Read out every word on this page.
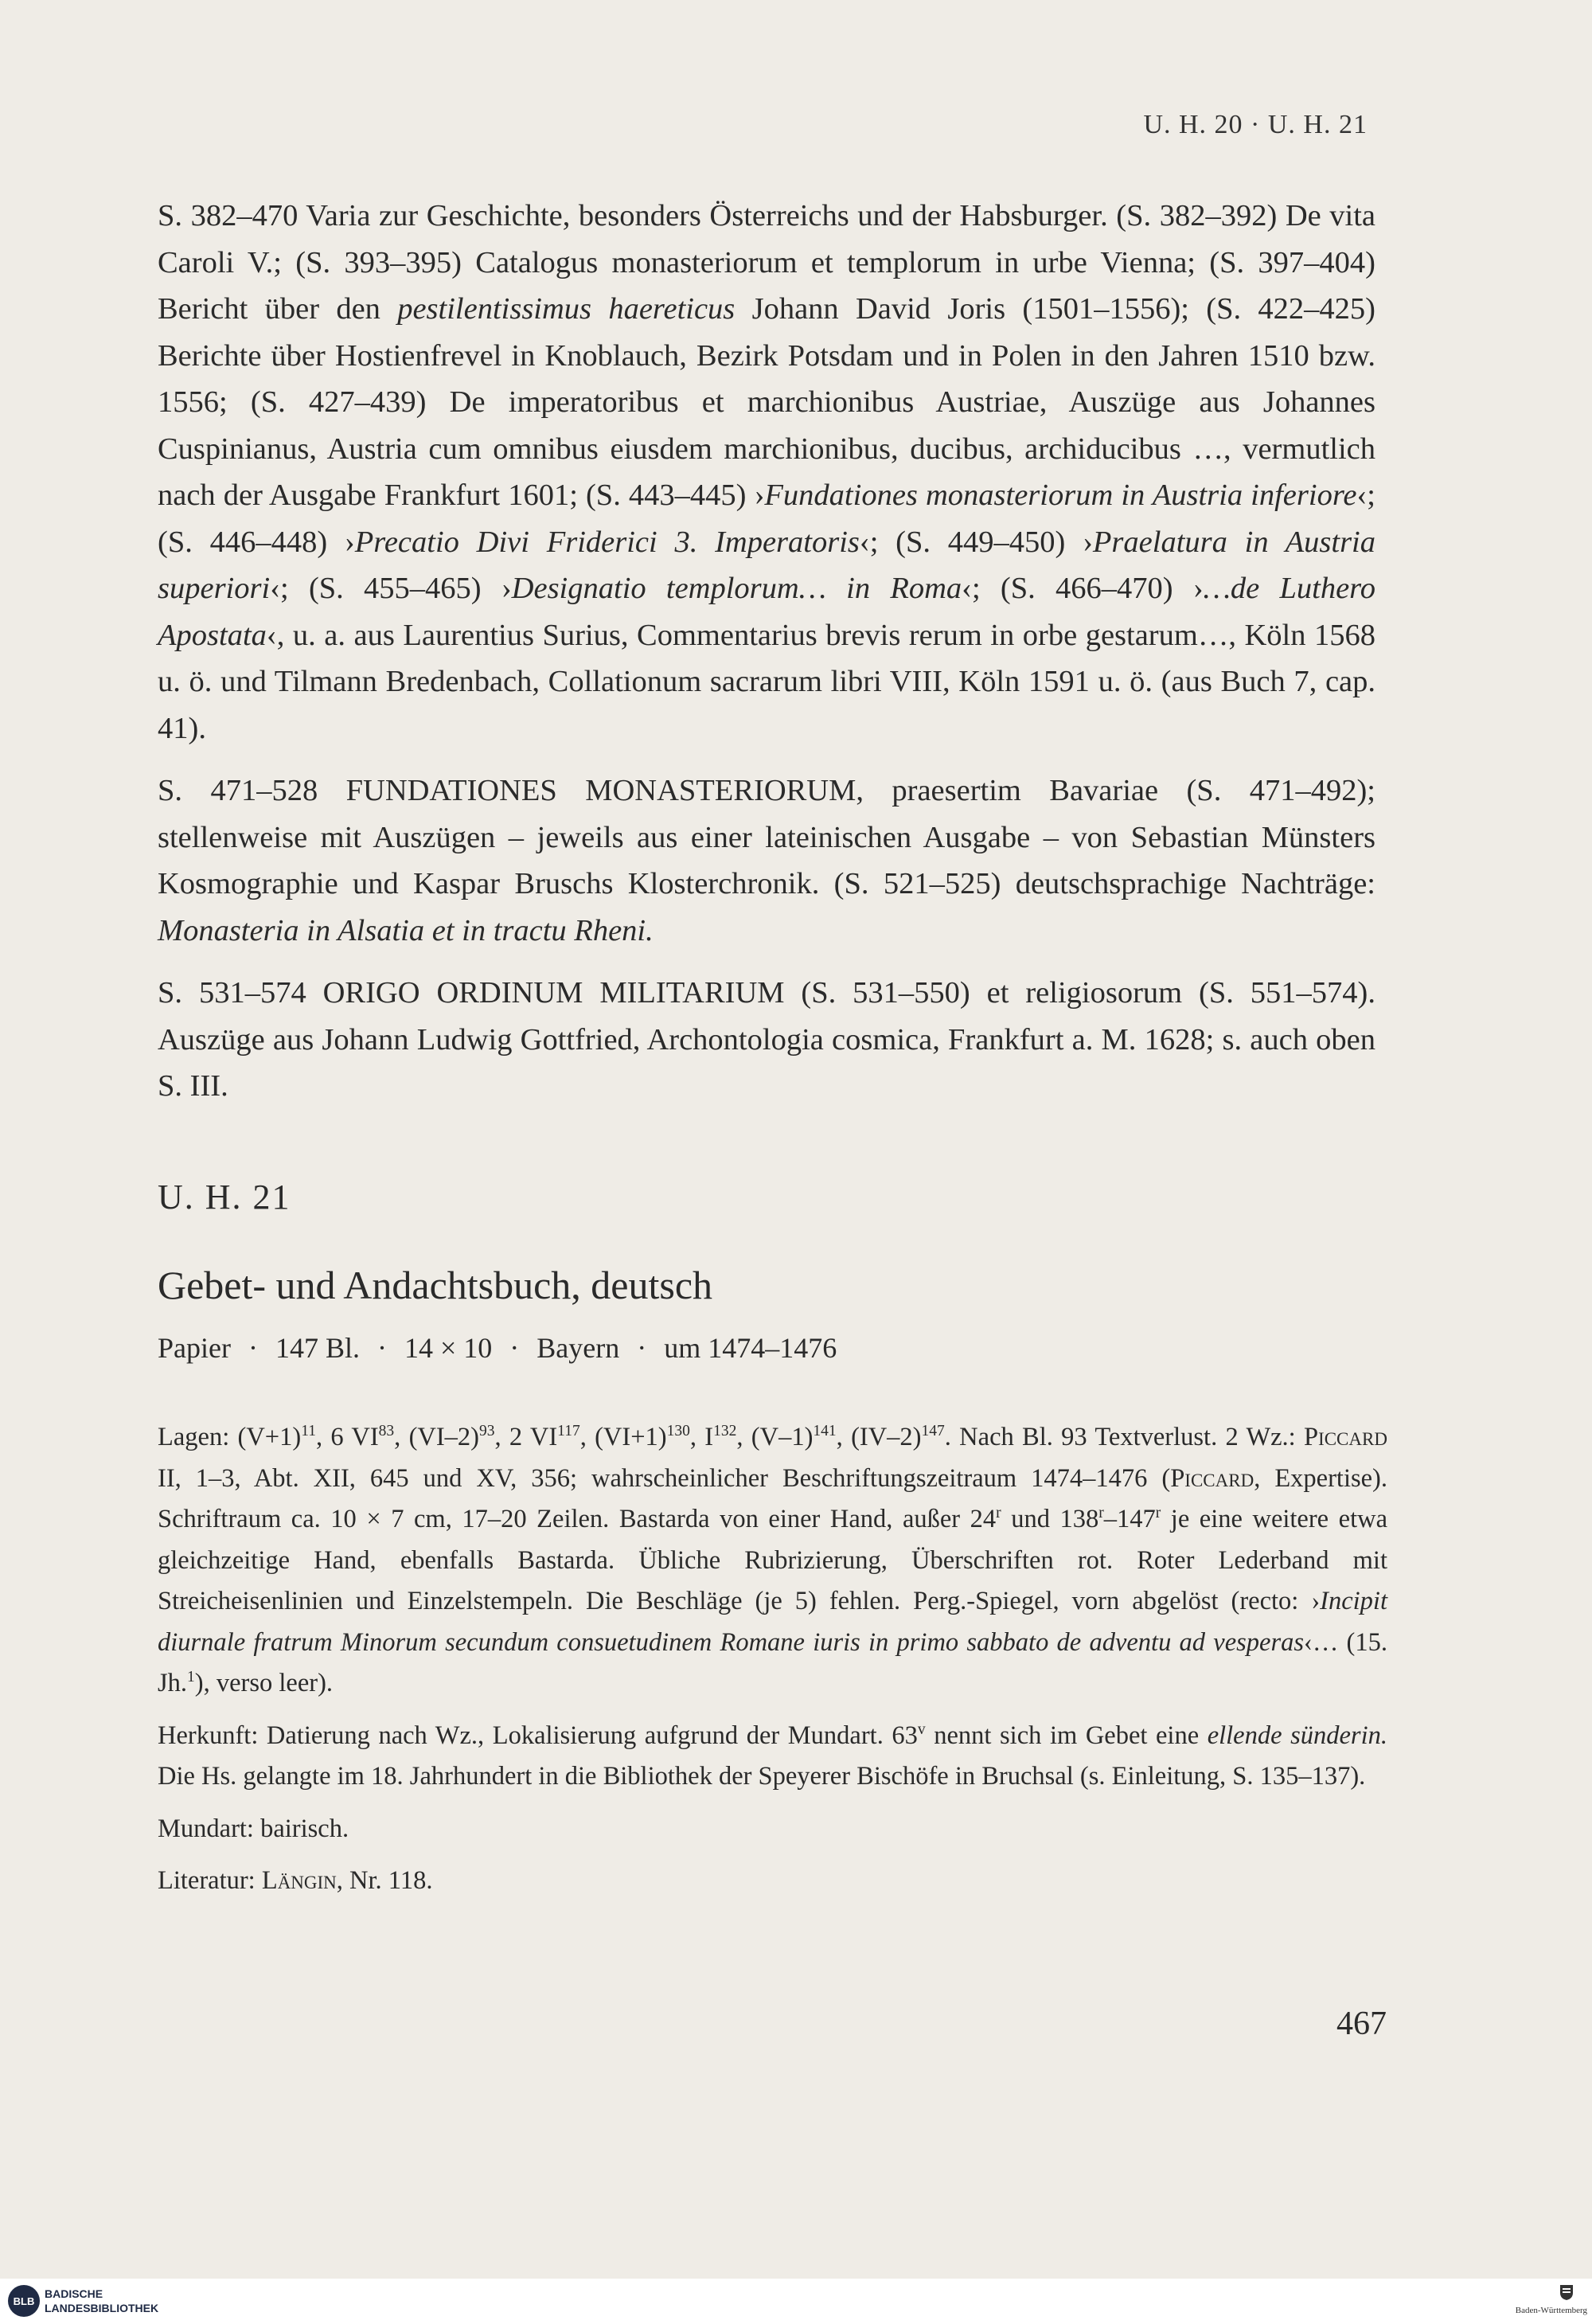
U. H. 20 · U. H. 21

S. 382–470 Varia zur Geschichte, besonders Österreichs und der Habsburger. (S. 382–392) De vita Caroli V.; (S. 393–395) Catalogus monasteriorum et templorum in urbe Vienna; (S. 397–404) Bericht über den pestilentissimus haereticus Johann David Joris (1501–1556); (S. 422–425) Berichte über Hostienfrevel in Knoblauch, Bezirk Potsdam und in Polen in den Jahren 1510 bzw. 1556; (S. 427–439) De imperatoribus et marchionibus Austriae, Auszüge aus Johannes Cuspinianus, Austria cum omnibus eiusdem marchionibus, ducibus, archiducibus …, vermutlich nach der Ausgabe Frankfurt 1601; (S. 443–445) ›Fundationes monasteriorum in Austria inferiore‹; (S. 446–448) ›Precatio Divi Friderici 3. Imperatoris‹; (S. 449–450) ›Praelatura in Austria superiori‹; (S. 455–465) ›Designatio templorum… in Roma‹; (S. 466–470) ›…de Luthero Apostata‹, u. a. aus Laurentius Surius, Commentarius brevis rerum in orbe gestarum…, Köln 1568 u. ö. und Tilmann Bredenbach, Collationum sacrarum libri VIII, Köln 1591 u. ö. (aus Buch 7, cap. 41).

S. 471–528 FUNDATIONES MONASTERIORUM, praesertim Bavariae (S. 471–492); stellenweise mit Auszügen – jeweils aus einer lateinischen Ausgabe – von Sebastian Münsters Kosmographie und Kaspar Bruschs Klosterchronik. (S. 521–525) deutschsprachige Nachträge: Monasteria in Alsatia et in tractu Rheni.

S. 531–574 ORIGO ORDINUM MILITARIUM (S. 531–550) et religiosorum (S. 551–574). Auszüge aus Johann Ludwig Gottfried, Archontologia cosmica, Frankfurt a. M. 1628; s. auch oben S. III.

U. H. 21
Gebet- und Andachtsbuch, deutsch
Papier · 147 Bl. · 14 × 10 · Bayern · um 1474–1476

Lagen: $(V+1)^{11}$, 6 VI$^{83}$, $(VI-2)^{93}$, 2 VI$^{117}$, $(VI+1)^{130}$, $I^{132}$, $(V-1)^{141}$, $(IV-2)^{147}$. Nach Bl. 93 Textverlust. 2 Wz.: Piccard II, 1–3, Abt. XII, 645 und XV, 356; wahrscheinlicher Beschriftungszeitraum 1474–1476 (Piccard, Expertise). Schriftraum ca. 10 × 7 cm, 17–20 Zeilen. Bastarda von einer Hand, außer 24$^r$ und 138$^r$–147$^r$ je eine weitere etwa gleichzeitige Hand, ebenfalls Bastarda. Übliche Rubrizierung, Überschriften rot. Roter Lederband mit Streicheisenlinien und Einzelstempeln. Die Beschläge (je 5) fehlen. Perg.-Spiegel, vorn abgelöst (recto: ›Incipit diurnale fratrum Minorum secundum consuetudinem Romane iuris in primo sabbato de adventu ad vesperas‹… (15. Jh.$^1$), verso leer).

Herkunft: Datierung nach Wz., Lokalisierung aufgrund der Mundart. 63$^v$ nennt sich im Gebet eine ellende sünderin. Die Hs. gelangte im 18. Jahrhundert in die Bibliothek der Speyerer Bischöfe in Bruchsal (s. Einleitung, S. 135–137).

Mundart: bairisch.

Literatur: Längin, Nr. 118.

467
BLB
BADISCHE
LANDESBIBLIOTHEK	Baden-Württemberg
